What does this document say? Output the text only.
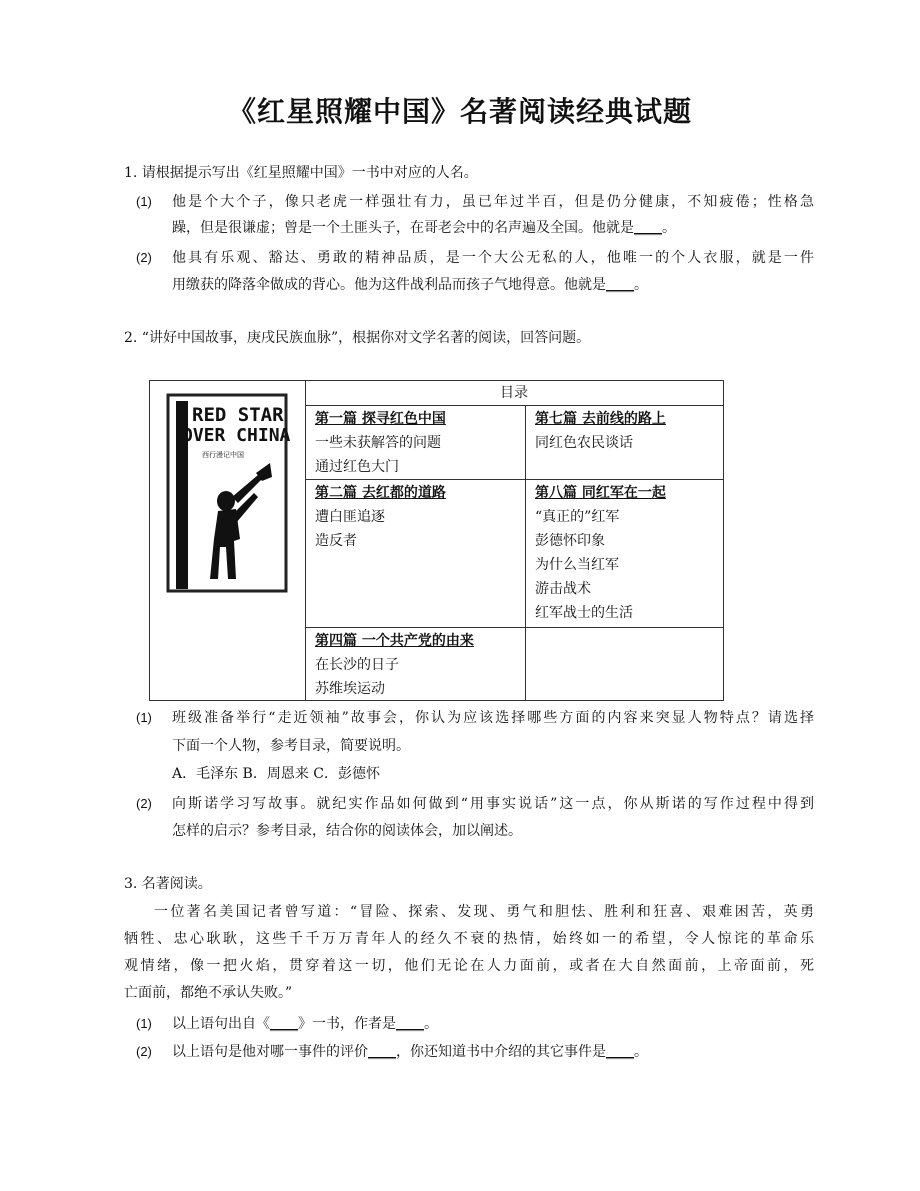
《红星照耀中国》名著阅读经典试题
1. 请根据提示写出《红星照耀中国》一书中对应的人名。
(1) 他是个大个子，像只老虎一样强壮有力，虽已年过半百，但是仍分健康，不知疲倦；性格急
躁，但是很谦虚；曾是一个土匪头子，在哥老会中的名声遍及全国。他就是____。
(2) 他具有乐观、豁达、勇敢的精神品质，是一个大公无私的人，他唯一的个人衣服，就是一件
用缴获的降落伞做成的背心。他为这件战利品而孩子气地得意。他就是____。
2. “讲好中国故事，庚戌民族血脉”，根据你对文学名著的阅读，回答问题。
RED STAR
OVER CHINA
西行漫记中国
目录
第一篇 探寻红色中国
一些未获解答的问题
通过红色大门
第七篇 去前线的路上
同红色农民谈话
第二篇 去红都的道路
遭白匪追逐
造反者
第八篇 同红军在一起
“真正的”红军
彭德怀印象
为什么当红军
游击战术
红军战士的生活
第四篇 一个共产党的由来
在长沙的日子
苏维埃运动
(1) 班级准备举行“走近领袖”故事会，你认为应该选择哪些方面的内容来突显人物特点？请选择
下面一个人物，参考目录，简要说明。
A．毛泽东 B．周恩来 C．彭德怀
(2) 向斯诺学习写故事。就纪实作品如何做到“用事实说话”这一点，你从斯诺的写作过程中得到
怎样的启示？参考目录，结合你的阅读体会，加以阐述。
3. 名著阅读。
一位著名美国记者曾写道：“冒险、探索、发现、勇气和胆怯、胜利和狂喜、艰难困苦，英勇
牺牲、忠心耿耿，这些千千万万青年人的经久不衰的热情，始终如一的希望，令人惊诧的革命乐
观情绪，像一把火焰，贯穿着这一切，他们无论在人力面前，或者在大自然面前，上帝面前，死
亡面前，都绝不承认失败。”
(1) 以上语句出自《____》一书，作者是____。
(2) 以上语句是他对哪一事件的评价____，你还知道书中介绍的其它事件是____。
